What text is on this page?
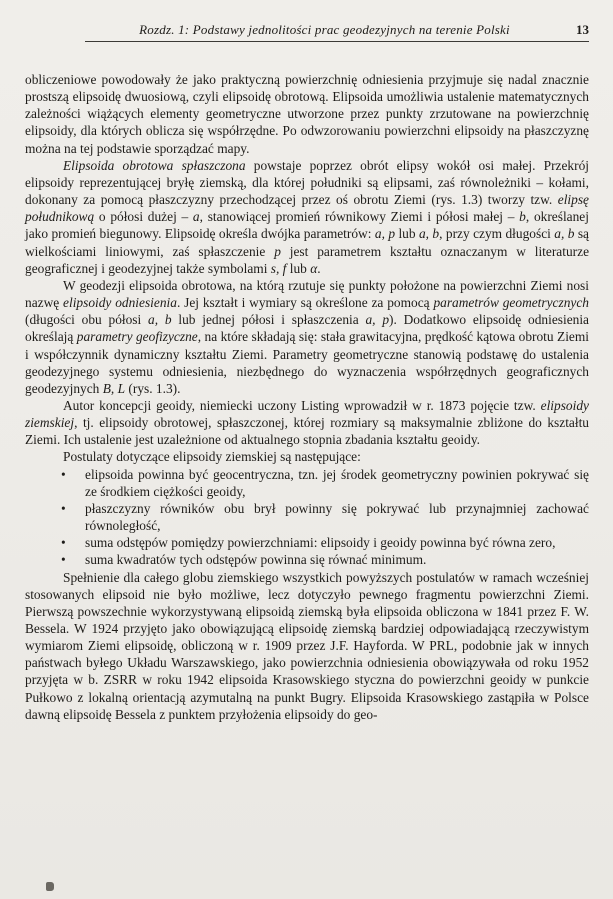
Rozdz. 1: Podstawy jednolitości prac geodezyjnych na terenie Polski	13
obliczeniowe powodowały że jako praktyczną powierzchnię odniesienia przyjmuje się nadal znacznie prostszą elipsoidę dwuosiową, czyli elipsoidę obrotową. Elipsoida umożliwia ustalenie matematycznych zależności wiążących elementy geometryczne utworzone przez punkty zrzutowane na powierzchnię elipsoidy, dla których oblicza się współrzędne. Po odwzorowaniu powierzchni elipsoidy na płaszczyznę można na tej podstawie sporządzać mapy.
Elipsoida obrotowa spłaszczona powstaje poprzez obrót elipsy wokół osi małej. Przekrój elipsoidy reprezentującej bryłę ziemską, dla której południki są elipsami, zaś równoleżniki – kołami, dokonany za pomocą płaszczyzny przechodzącej przez oś obrotu Ziemi (rys. 1.3) tworzy tzw. elipsę południkową o półosi dużej – a, stanowiącej promień równikowy Ziemi i półosi małej – b, określanej jako promień biegunowy. Elipsoidę określa dwójka parametrów: a, p lub a, b, przy czym długości a, b są wielkościami liniowymi, zaś spłaszczenie p jest parametrem kształtu oznaczanym w literaturze geograficznej i geodezyjnej także symbolami s, f lub α.
W geodezji elipsoida obrotowa, na którą rzutuje się punkty położone na powierzchni Ziemi nosi nazwę elipsoidy odniesienia. Jej kształt i wymiary są określone za pomocą parametrów geometrycznych (długości obu półosi a, b lub jednej półosi i spłaszczenia a, p). Dodatkowo elipsoidę odniesienia określają parametry geofizyczne, na które składają się: stała grawitacyjna, prędkość kątowa obrotu Ziemi i współczynnik dynamiczny kształtu Ziemi. Parametry geometryczne stanowią podstawę do ustalenia geodezyjnego systemu odniesienia, niezbędnego do wyznaczenia współrzędnych geograficznych geodezyjnych B, L (rys. 1.3).
Autor koncepcji geoidy, niemiecki uczony Listing wprowadził w r. 1873 pojęcie tzw. elipsoidy ziemskiej, tj. elipsoidy obrotowej, spłaszczonej, której rozmiary są maksymalnie zbliżone do kształtu Ziemi. Ich ustalenie jest uzależnione od aktualnego stopnia zbadania kształtu geoidy.
Postulaty dotyczące elipsoidy ziemskiej są następujące:
• elipsoida powinna być geocentryczna, tzn. jej środek geometryczny powinien pokrywać się ze środkiem ciężkości geoidy,
• płaszczyzny równików obu brył powinny się pokrywać lub przynajmniej zachować równoległość,
• suma odstępów pomiędzy powierzchniami: elipsoidy i geoidy powinna być równa zero,
• suma kwadratów tych odstępów powinna się równać minimum.
Spełnienie dla całego globu ziemskiego wszystkich powyższych postulatów w ramach wcześniej stosowanych elipsoid nie było możliwe, lecz dotyczyło pewnego fragmentu powierzchni Ziemi. Pierwszą powszechnie wykorzystywaną elipsoidą ziemską była elipsoida obliczona w 1841 przez F. W. Bessela. W 1924 przyjęto jako obowiązującą elipsoidę ziemską bardziej odpowiadającą rzeczywistym wymiarom Ziemi elipsoidę, obliczoną w r. 1909 przez J.F. Hayforda. W PRL, podobnie jak w innych państwach byłego Układu Warszawskiego, jako powierzchnia odniesienia obowiązywała od roku 1952 przyjęta w b. ZSRR w roku 1942 elipsoida Krasowskiego styczna do powierzchni geoidy w punkcie Pułkowo z lokalną orientacją azymutalną na punkt Bugry. Elipsoida Krasowskiego zastąpiła w Polsce dawną elipsoidę Bessela z punktem przyłożenia elipsoidy do geo-
